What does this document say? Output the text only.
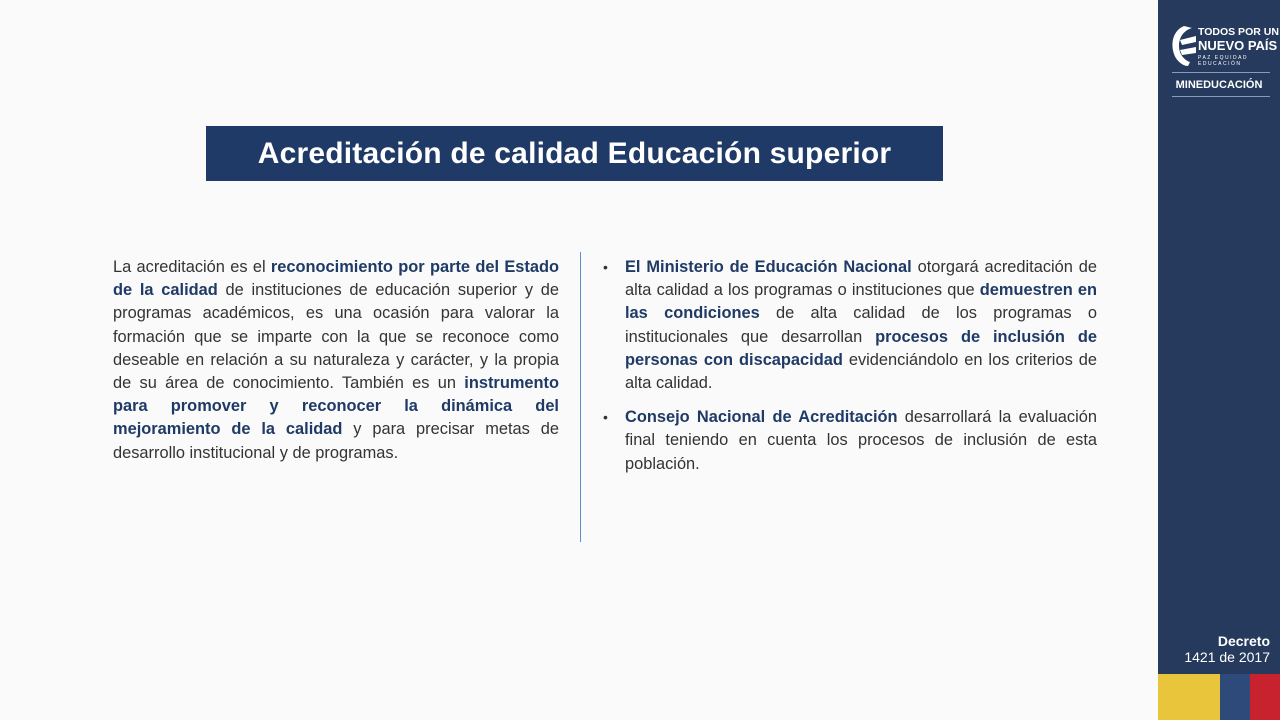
Acreditación de calidad Educación superior
La acreditación es el reconocimiento por parte del Estado de la calidad de instituciones de educación superior y de programas académicos, es una ocasión para valorar la formación que se imparte con la que se reconoce como deseable en relación a su naturaleza y carácter, y la propia de su área de conocimiento. También es un instrumento para promover y reconocer la dinámica del mejoramiento de la calidad y para precisar metas de desarrollo institucional y de programas.
• El Ministerio de Educación Nacional otorgará acreditación de alta calidad a los programas o instituciones que demuestren en las condiciones de alta calidad de los programas o institucionales que desarrollan procesos de inclusión de personas con discapacidad evidenciándolo en los criterios de alta calidad.
• Consejo Nacional de Acreditación desarrollará la evaluación final teniendo en cuenta los procesos de inclusión de esta población.
TODOS POR UN
NUEVO PAÍS
PAZ EQUIDAD EDUCACIÓN
MINEDUCACIÓN
Decreto
1421 de 2017
